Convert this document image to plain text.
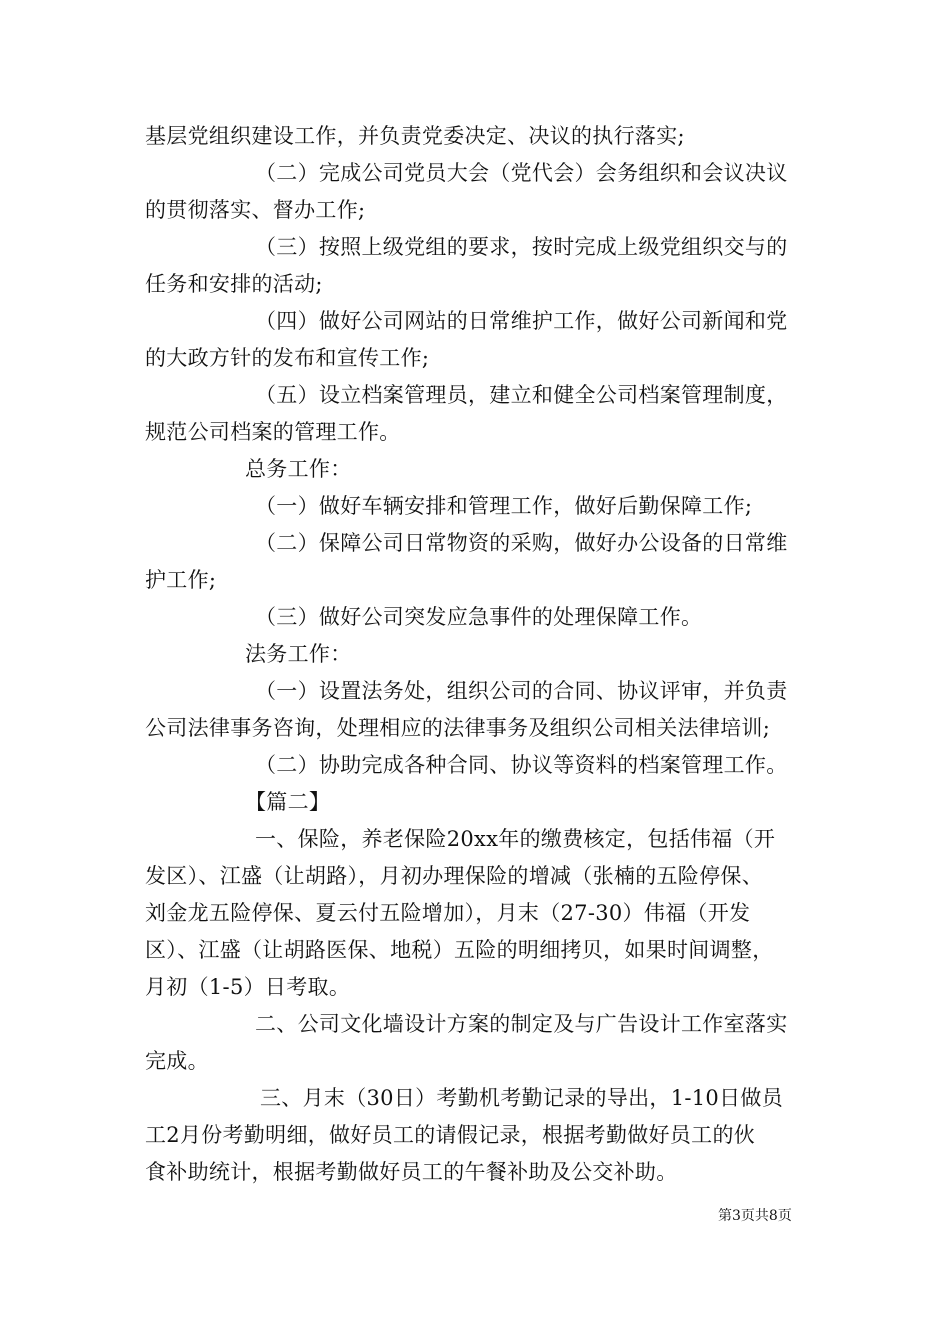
基层党组织建设工作，并负责党委决定、决议的执行落实;
（二）完成公司党员大会（党代会）会务组织和会议决议
的贯彻落实、督办工作;
（三）按照上级党组的要求，按时完成上级党组织交与的
任务和安排的活动;
（四）做好公司网站的日常维护工作，做好公司新闻和党
的大政方针的发布和宣传工作;
（五）设立档案管理员，建立和健全公司档案管理制度，
规范公司档案的管理工作。
总务工作：
（一）做好车辆安排和管理工作，做好后勤保障工作;
（二）保障公司日常物资的采购，做好办公设备的日常维
护工作;
（三）做好公司突发应急事件的处理保障工作。
法务工作：
（一）设置法务处，组织公司的合同、协议评审，并负责
公司法律事务咨询，处理相应的法律事务及组织公司相关法律培训;
（二）协助完成各种合同、协议等资料的档案管理工作。
【篇二】
一、保险，养老保险20xx年的缴费核定，包括伟福（开
发区）、江盛（让胡路），月初办理保险的增减（张楠的五险停保、
刘金龙五险停保、夏云付五险增加），月末（27-30）伟福（开发
区）、江盛（让胡路医保、地税）五险的明细拷贝，如果时间调整，
月初（1-5）日考取。
二、公司文化墙设计方案的制定及与广告设计工作室落实
完成。
三、月末（30日）考勤机考勤记录的导出，1-10日做员
工2月份考勤明细，做好员工的请假记录，根据考勤做好员工的伙
食补助统计，根据考勤做好员工的午餐补助及公交补助。
第3页共8页
